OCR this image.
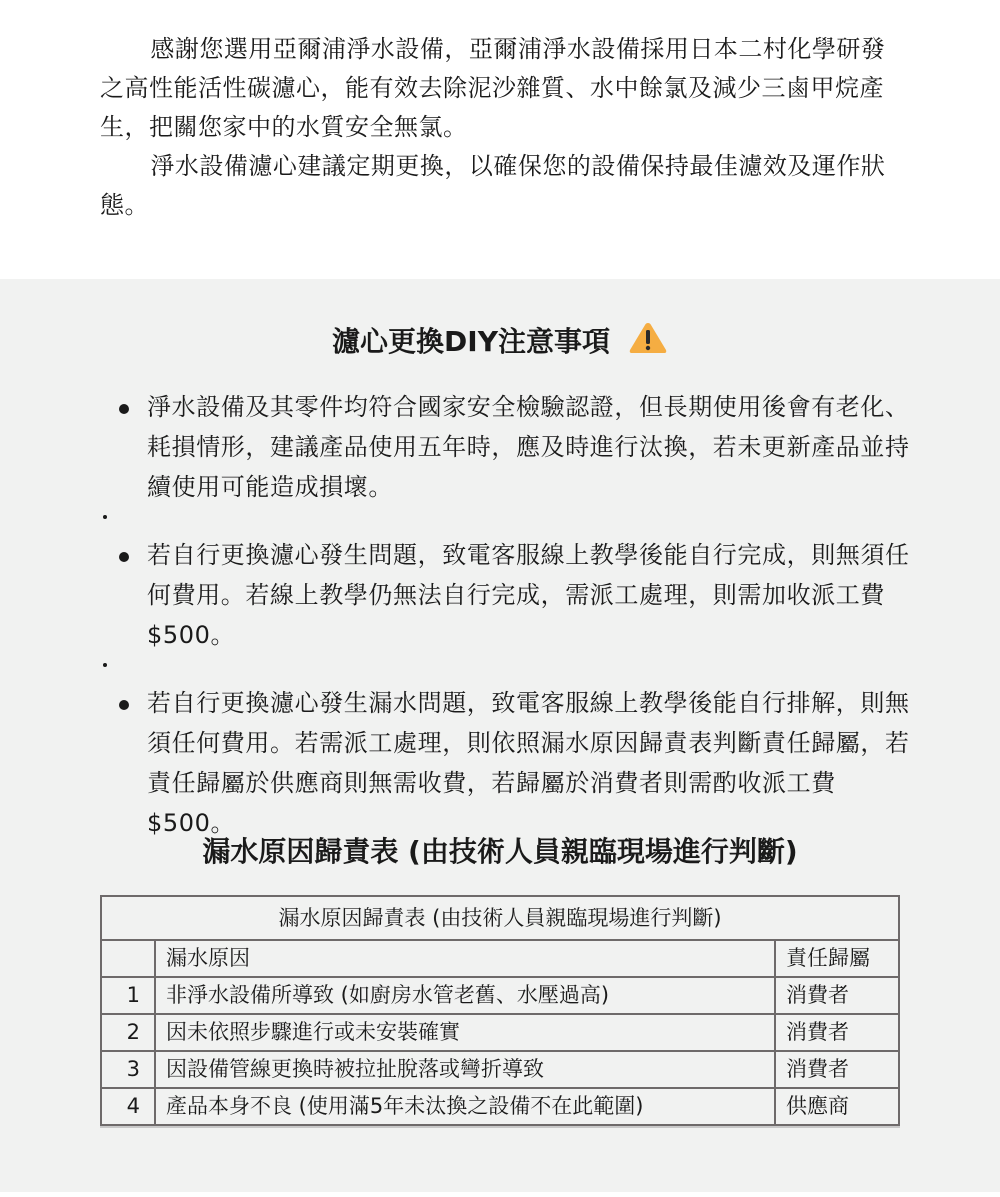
感謝您選用亞爾浦淨水設備，亞爾浦淨水設備採用日本二村化學研發之高性能活性碳濾心，能有效去除泥沙雜質、水中餘氯及減少三鹵甲烷產生，把關您家中的水質安全無氯。

淨水設備濾心建議定期更換，以確保您的設備保持最佳濾效及運作狀態。

濾心更換DIY注意事項
淨水設備及其零件均符合國家安全檢驗認證，但長期使用後會有老化、耗損情形，建議產品使用五年時，應及時進行汰換，若未更新產品並持續使用可能造成損壞。
若自行更換濾心發生問題，致電客服線上教學後能自行完成，則無須任何費用。若線上教學仍無法自行完成，需派工處理，則需加收派工費$500。
若自行更換濾心發生漏水問題，致電客服線上教學後能自行排解，則無須任何費用。若需派工處理，則依照漏水原因歸責表判斷責任歸屬，若責任歸屬於供應商則無需收費，若歸屬於消費者則需酌收派工費$500。
漏水原因歸責表 (由技術人員親臨現場進行判斷)
漏水原因歸責表 (由技術人員親臨現場進行判斷)		
	漏水原因	責任歸屬
1	非淨水設備所導致 (如廚房水管老舊、水壓過高)	消費者
2	因未依照步驟進行或未安裝確實	消費者
3	因設備管線更換時被拉扯脫落或彎折導致	消費者
4	產品本身不良 (使用滿5年未汰換之設備不在此範圍)	供應商
